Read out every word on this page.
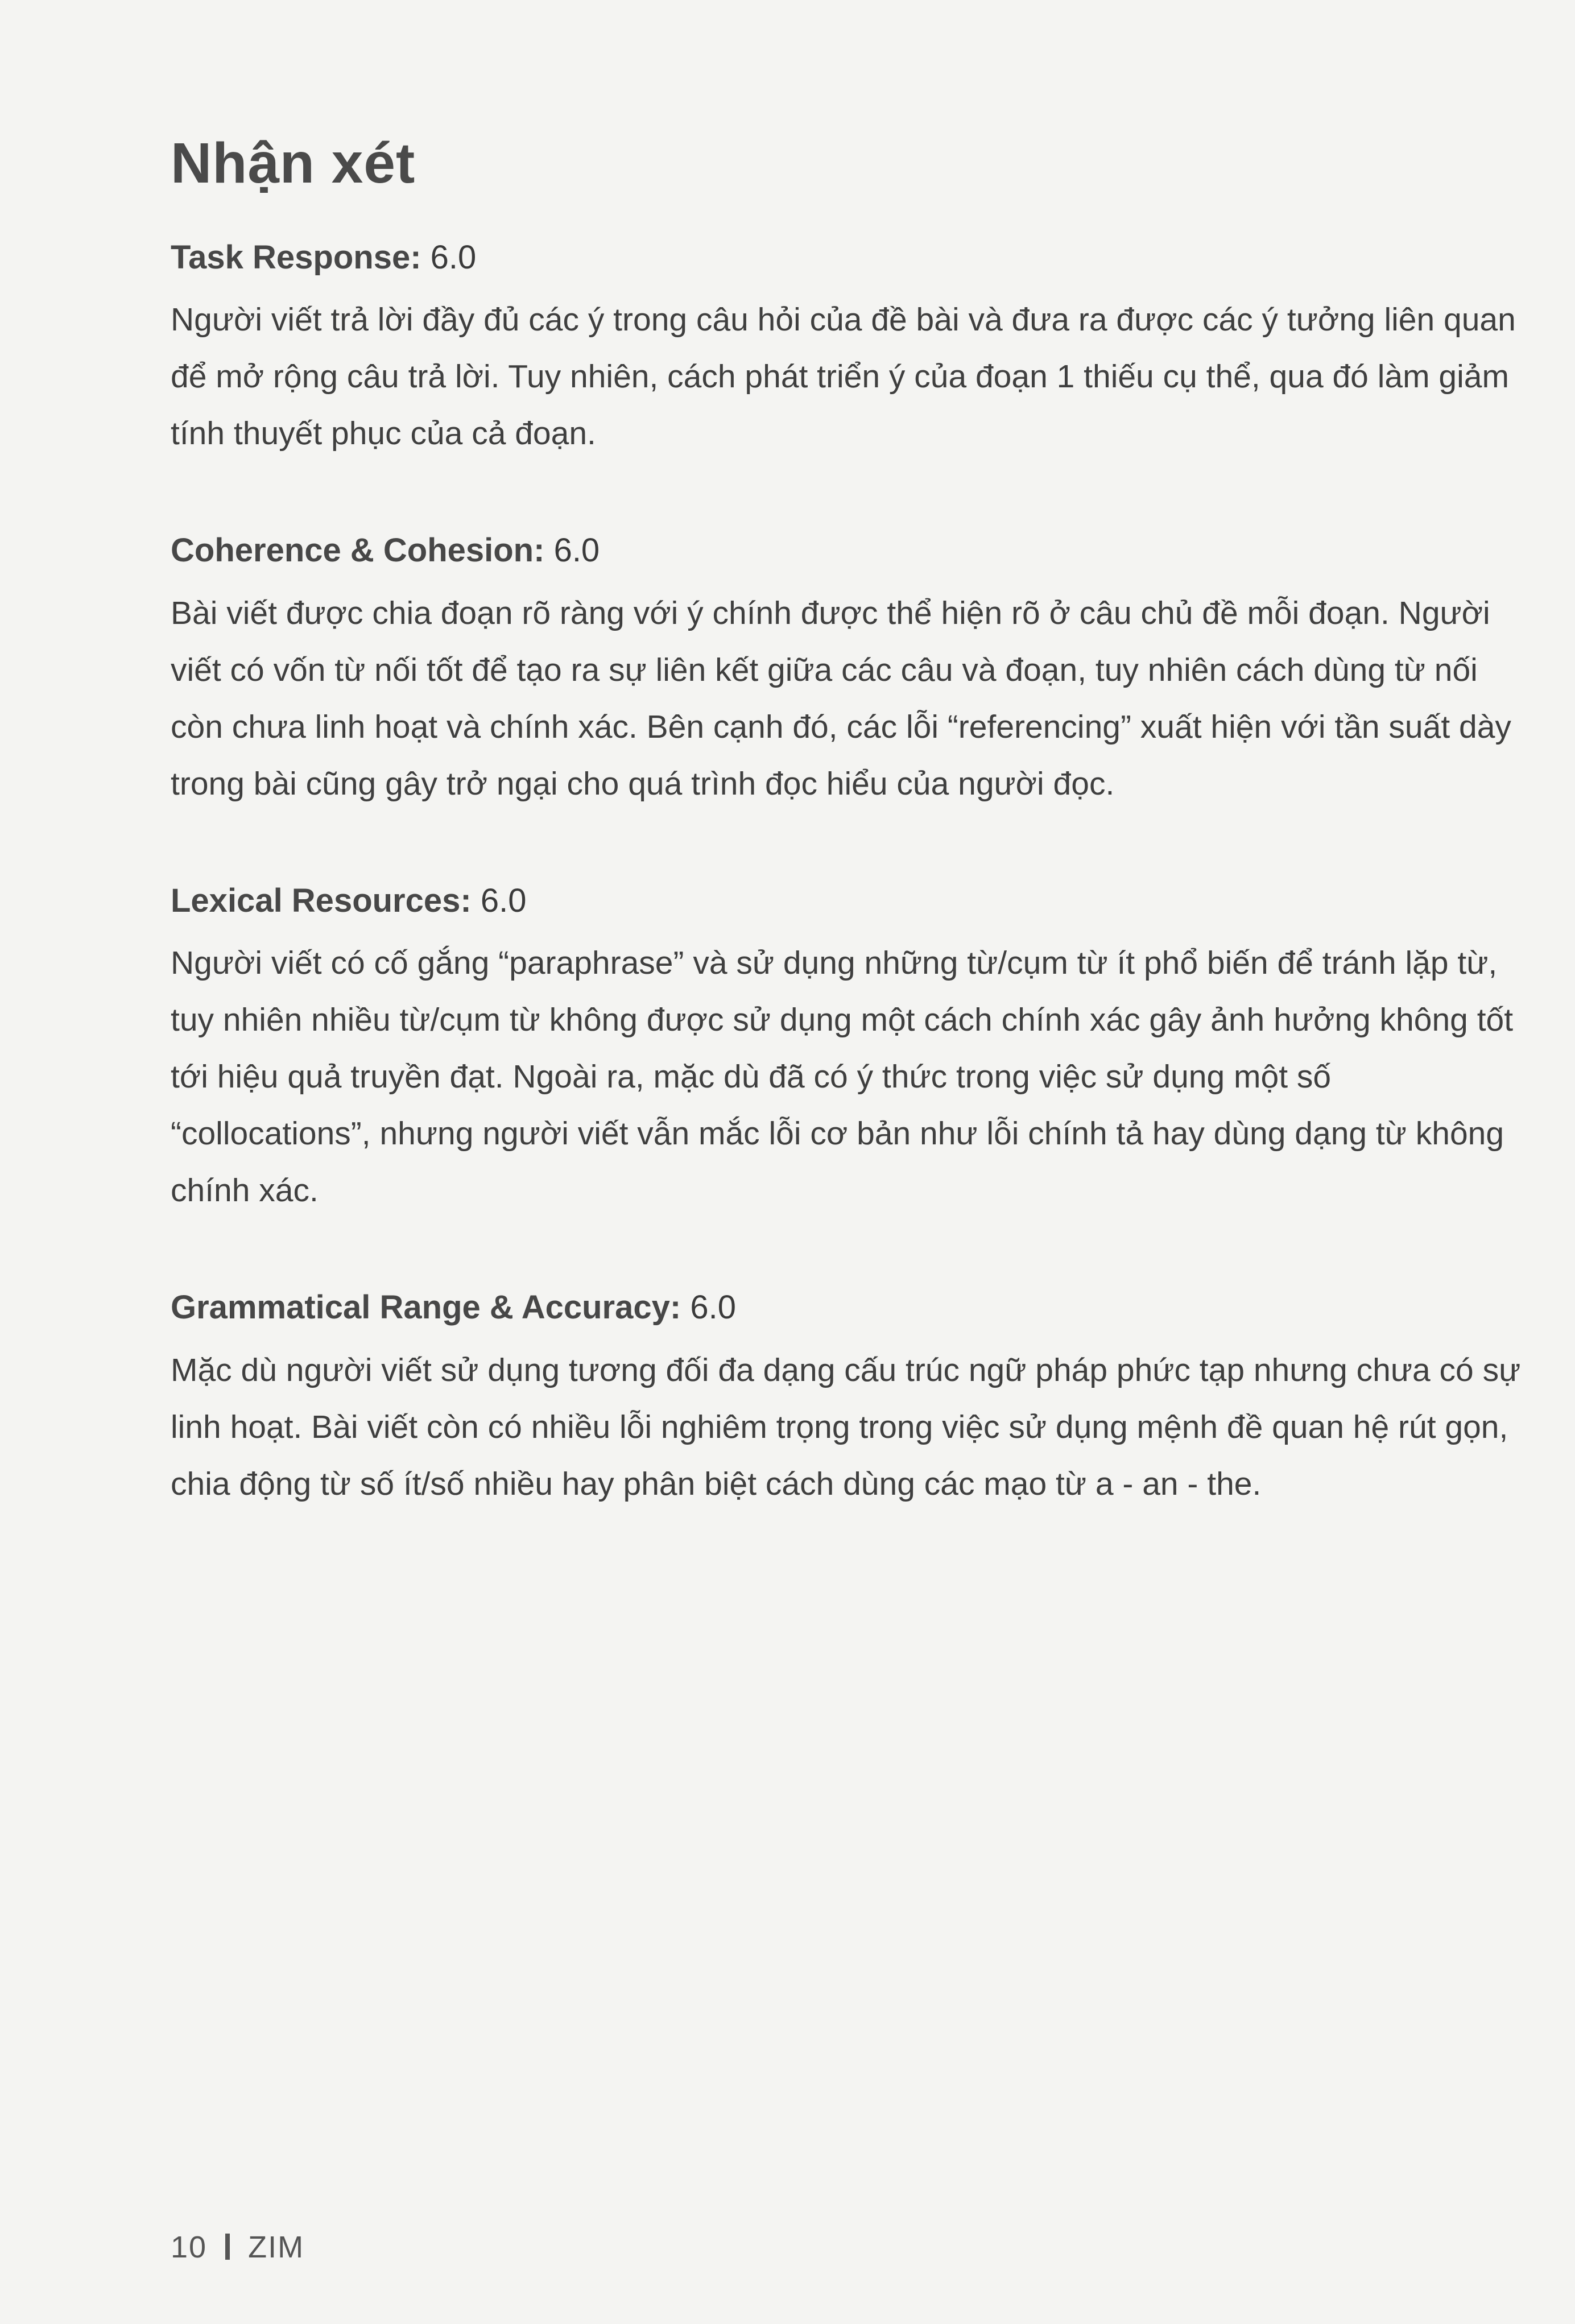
Nhận xét
Task Response: 6.0

Người viết trả lời đầy đủ các ý trong câu hỏi của đề bài và đưa ra được các ý tưởng liên quan để mở rộng câu trả lời. Tuy nhiên, cách phát triển ý của đoạn 1 thiếu cụ thể, qua đó làm giảm tính thuyết phục của cả đoạn.

Coherence & Cohesion: 6.0

Bài viết được chia đoạn rõ ràng với ý chính được thể hiện rõ ở câu chủ đề mỗi đoạn. Người viết có vốn từ nối tốt để tạo ra sự liên kết giữa các câu và đoạn, tuy nhiên cách dùng từ nối còn chưa linh hoạt và chính xác. Bên cạnh đó, các lỗi “referencing” xuất hiện với tần suất dày trong bài cũng gây trở ngại cho quá trình đọc hiểu của người đọc.

Lexical Resources: 6.0

Người viết có cố gắng “paraphrase” và sử dụng những từ/cụm từ ít phổ biến để tránh lặp từ, tuy nhiên nhiều từ/cụm từ không được sử dụng một cách chính xác gây ảnh hưởng không tốt tới hiệu quả truyền đạt. Ngoài ra, mặc dù đã có ý thức trong việc sử dụng một số “collocations”, nhưng người viết vẫn mắc lỗi cơ bản như lỗi chính tả hay dùng dạng từ không chính xác.

Grammatical Range & Accuracy: 6.0

Mặc dù người viết sử dụng tương đối đa dạng cấu trúc ngữ pháp phức tạp nhưng chưa có sự linh hoạt. Bài viết còn có nhiều lỗi nghiêm trọng trong việc sử dụng mệnh đề quan hệ rút gọn, chia động từ số ít/số nhiều hay phân biệt cách dùng các mạo từ a - an - the.

10 ZIM
